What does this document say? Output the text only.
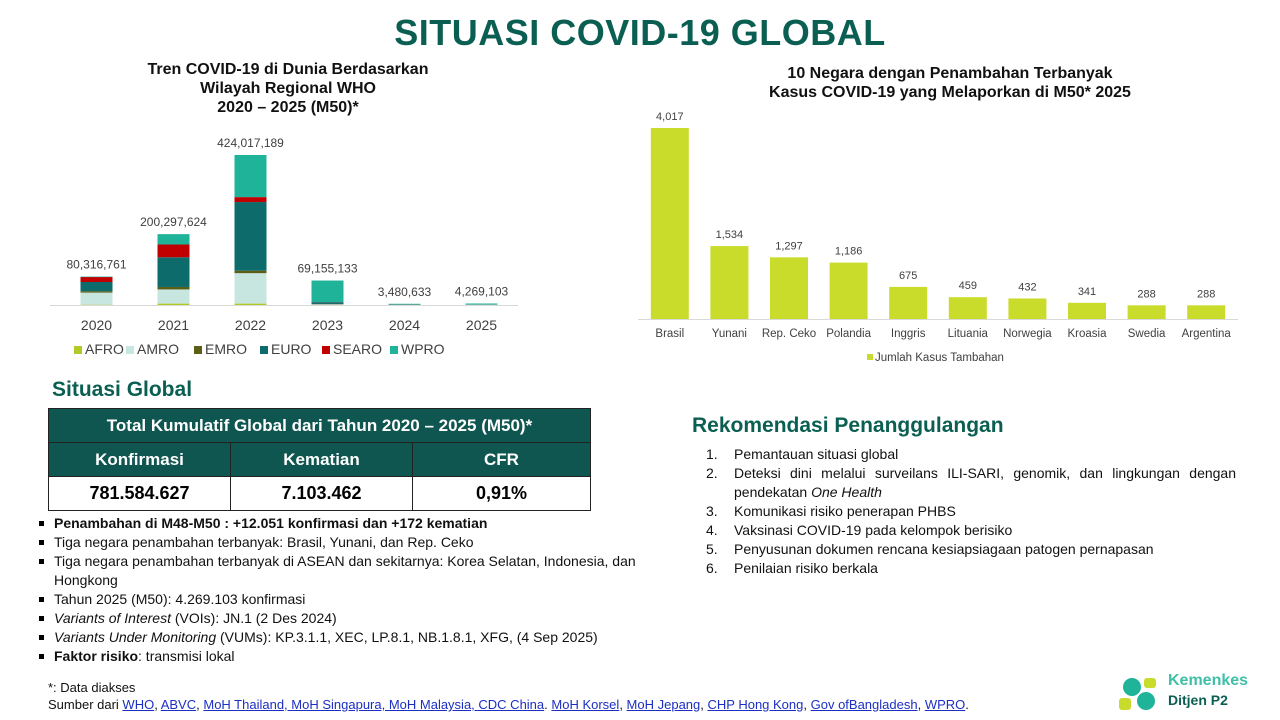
SITUASI COVID-19 GLOBAL
Tren COVID-19 di Dunia Berdasarkan
Wilayah Regional WHO
2020 – 2025 (M50)*
80,316,761
2020
200,297,624
2021
424,017,189
2022
69,155,133
2023
3,480,633
2024
4,269,103
2025
AFRO AMRO EMRO EURO SEARO WPRO
10 Negara dengan Penambahan Terbanyak
Kasus COVID-19 yang Melaporkan di M50* 2025
4,017
Brasil
1,534
Yunani
1,297
Rep. Ceko
1,186
Polandia
675
Inggris
459
Lituania
432
Norwegia
341
Kroasia
288
Swedia
288
Argentina
Jumlah Kasus Tambahan
Situasi Global
Total Kumulatif Global dari Tahun 2020 – 2025 (M50)*		
Konfirmasi	Kematian	CFR
781.584.627	7.103.462	0,91%
Penambahan di M48-M50 : +12.051 konfirmasi dan +172 kematian
Tiga negara penambahan terbanyak: Brasil, Yunani, dan Rep. Ceko
Tiga negara penambahan terbanyak di ASEAN dan sekitarnya: Korea Selatan, Indonesia, dan Hongkong
Tahun 2025 (M50): 4.269.103 konfirmasi
Variants of Interest (VOIs): JN.1 (2 Des 2024)
Variants Under Monitoring (VUMs): KP.3.1.1, XEC, LP.8.1, NB.1.8.1, XFG, (4 Sep 2025)
Faktor risiko: transmisi lokal
Rekomendasi Penanggulangan
1.	Pemantauan situasi global
2.	Deteksi dini melalui surveilans ILI-SARI, genomik, dan lingkungan dengan pendekatan One Health
3.	Komunikasi risiko penerapan PHBS
4.	Vaksinasi COVID-19 pada kelompok berisiko
5.	Penyusunan dokumen rencana kesiapsiagaan patogen pernapasan
6.	Penilaian risiko berkala
*: Data diakses
Sumber dari WHO, ABVC, MoH Thailand, MoH Singapura, MoH Malaysia, CDC China. MoH Korsel, MoH Jepang, CHP Hong Kong, Gov ofBangladesh, WPRO.
Kemenkes
Ditjen P2
